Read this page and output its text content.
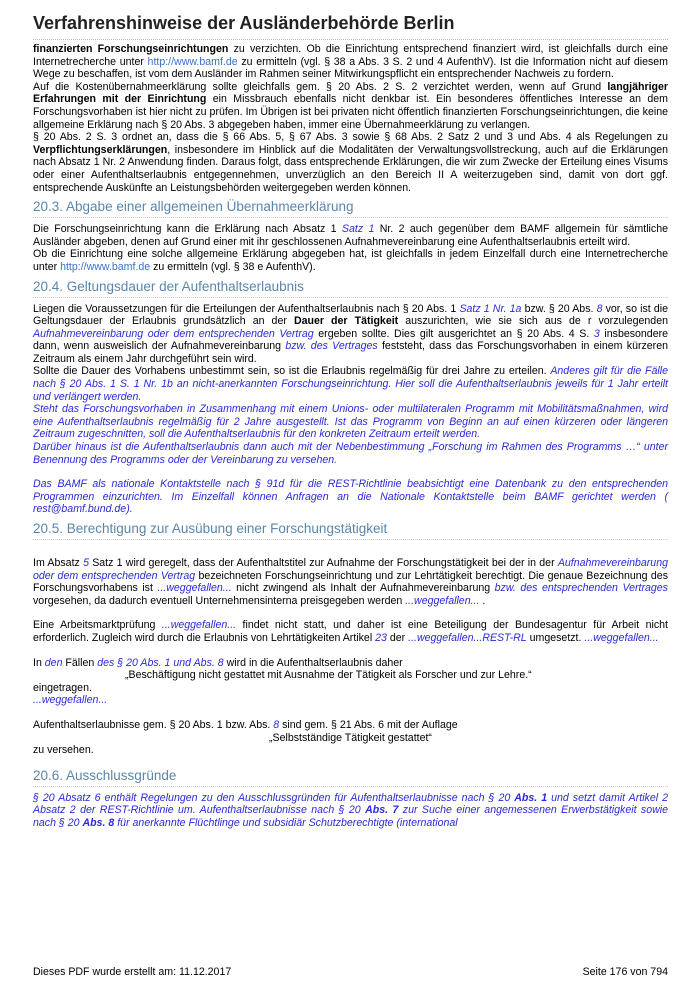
Verfahrenshinweise der Ausländerbehörde Berlin

finanzierten Forschungseinrichtungen zu verzichten. Ob die Einrichtung entsprechend finanziert wird, ist gleichfalls durch eine Internetrecherche unter http://www.bamf.de zu ermitteln (vgl. § 38 a Abs. 3 S. 2 und 4 AufenthV). Ist die Information nicht auf diesem Wege zu beschaffen, ist vom dem Ausländer im Rahmen seiner Mitwirkungspflicht ein entsprechender Nachweis zu fordern.

Auf die Kostenübernahmeerklärung sollte gleichfalls gem. § 20 Abs. 2 S. 2 verzichtet werden, wenn auf Grund langjähriger Erfahrungen mit der Einrichtung ein Missbrauch ebenfalls nicht denkbar ist. Ein besonderes öffentliches Interesse an dem Forschungsvorhaben ist hier nicht zu prüfen. Im Übrigen ist bei privaten nicht öffentlich finanzierten Forschungseinrichtungen, die keine allgemeine Erklärung nach § 20 Abs. 3 abgegeben haben, immer eine Übernahmeerklärung zu verlangen.

§ 20 Abs. 2 S. 3 ordnet an, dass die § 66 Abs. 5, § 67 Abs. 3 sowie § 68 Abs. 2 Satz 2 und 3 und Abs. 4 als Regelungen zu Verpflichtungserklärungen, insbesondere im Hinblick auf die Modalitäten der Verwaltungsvollstreckung, auch auf die Erklärungen nach Absatz 1 Nr. 2 Anwendung finden. Daraus folgt, dass entsprechende Erklärungen, die wir zum Zwecke der Erteilung eines Visums oder einer Aufenthaltserlaubnis entgegennehmen, unverzüglich an den Bereich II A weiterzugeben sind, damit von dort ggf. entsprechende Auskünfte an Leistungsbehörden weitergegeben werden können.

20.3. Abgabe einer allgemeinen Übernahmeerklärung

Die Forschungseinrichtung kann die Erklärung nach Absatz 1 Satz 1 Nr. 2 auch gegenüber dem BAMF allgemein für sämtliche Ausländer abgeben, denen auf Grund einer mit ihr geschlossenen Aufnahmevereinbarung eine Aufenthaltserlaubnis erteilt wird.

Ob die Einrichtung eine solche allgemeine Erklärung abgegeben hat, ist gleichfalls in jedem Einzelfall durch eine Internetrecherche unter http://www.bamf.de zu ermitteln (vgl. § 38 e AufenthV).

20.4. Geltungsdauer der Aufenthaltserlaubnis

Liegen die Voraussetzungen für die Erteilungen der Aufenthaltserlaubnis nach § 20 Abs. 1 Satz 1 Nr. 1a bzw. § 20 Abs. 8 vor, so ist die Geltungsdauer der Erlaubnis grundsätzlich an der Dauer der Tätigkeit auszurichten, wie sie sich aus de r vorzulegenden Aufnahmevereinbarung oder dem entsprechenden Vertrag ergeben sollte. Dies gilt ausgerichtet an § 20 Abs. 4 S. 3 insbesondere dann, wenn ausweislich der Aufnahmevereinbarung bzw. des Vertrages feststeht, dass das Forschungsvorhaben in einem kürzeren Zeitraum als einem Jahr durchgeführt sein wird.

Sollte die Dauer des Vorhabens unbestimmt sein, so ist die Erlaubnis regelmäßig für drei Jahre zu erteilen. Anderes gilt für die Fälle nach § 20 Abs. 1 S. 1 Nr. 1b an nicht-anerkannten Forschungseinrichtung. Hier soll die Aufenthaltserlaubnis jeweils für 1 Jahr erteilt und verlängert werden.

Steht das Forschungsvorhaben in Zusammenhang mit einem Unions- oder multilateralen Programm mit Mobilitätsmaßnahmen, wird eine Aufenthaltserlaubnis regelmäßig für 2 Jahre ausgestellt. Ist das Programm von Beginn an auf einen kürzeren oder längeren Zeitraum zugeschnitten, soll die Aufenthaltserlaubnis für den konkreten Zeitraum erteilt werden.

Darüber hinaus ist die Aufenthaltserlaubnis dann auch mit der Nebenbestimmung „Forschung im Rahmen des Programms …“ unter Benennung des Programms oder der Vereinbarung zu versehen.

Das BAMF als nationale Kontaktstelle nach § 91d für die REST-Richtlinie beabsichtigt eine Datenbank zu den entsprechenden Programmen einzurichten. Im Einzelfall können Anfragen an die Nationale Kontaktstelle beim BAMF gerichtet werden ( rest@bamf.bund.de).

20.5. Berechtigung zur Ausübung einer Forschungstätigkeit

Im Absatz 5 Satz 1 wird geregelt, dass der Aufenthaltstitel zur Aufnahme der Forschungstätigkeit bei der in der Aufnahmevereinbarung oder dem entsprechenden Vertrag bezeichneten Forschungseinrichtung und zur Lehrtätigkeit berechtigt. Die genaue Bezeichnung des Forschungsvorhabens ist ...weggefallen... nicht zwingend als Inhalt der Aufnahmevereinbarung bzw. des entsprechenden Vertrages vorgesehen, da dadurch eventuell Unternehmensinterna preisgegeben werden ...weggefallen... .

Eine Arbeitsmarktprüfung ...weggefallen... findet nicht statt, und daher ist eine Beteiligung der Bundesagentur für Arbeit nicht erforderlich. Zugleich wird durch die Erlaubnis von Lehrtätigkeiten Artikel 23 der ...weggefallen...REST-RL umgesetzt. ...weggefallen...

In den Fällen des § 20 Abs. 1 und Abs. 8 wird in die Aufenthaltserlaubnis daher

„Beschäftigung nicht gestattet mit Ausnahme der Tätigkeit als Forscher und zur Lehre.“

eingetragen.

...weggefallen...

Aufenthaltserlaubnisse gem. § 20 Abs. 1 bzw. Abs. 8 sind gem. § 21 Abs. 6 mit der Auflage

„Selbstständige Tätigkeit gestattet“

zu versehen.

20.6. Ausschlussgründe

§ 20 Absatz 6 enthält Regelungen zu den Ausschlussgründen für Aufenthaltserlaubnisse nach § 20 Abs. 1 und setzt damit Artikel 2 Absatz 2 der REST-Richtlinie um. Aufenthaltserlaubnisse nach § 20 Abs. 7 zur Suche einer angemessenen Erwerbstätigkeit sowie nach § 20 Abs. 8 für anerkannte Flüchtlinge und subsidiär Schutzberechtigte (international

Dieses PDF wurde erstellt am: 11.12.2017	Seite 176 von 794
